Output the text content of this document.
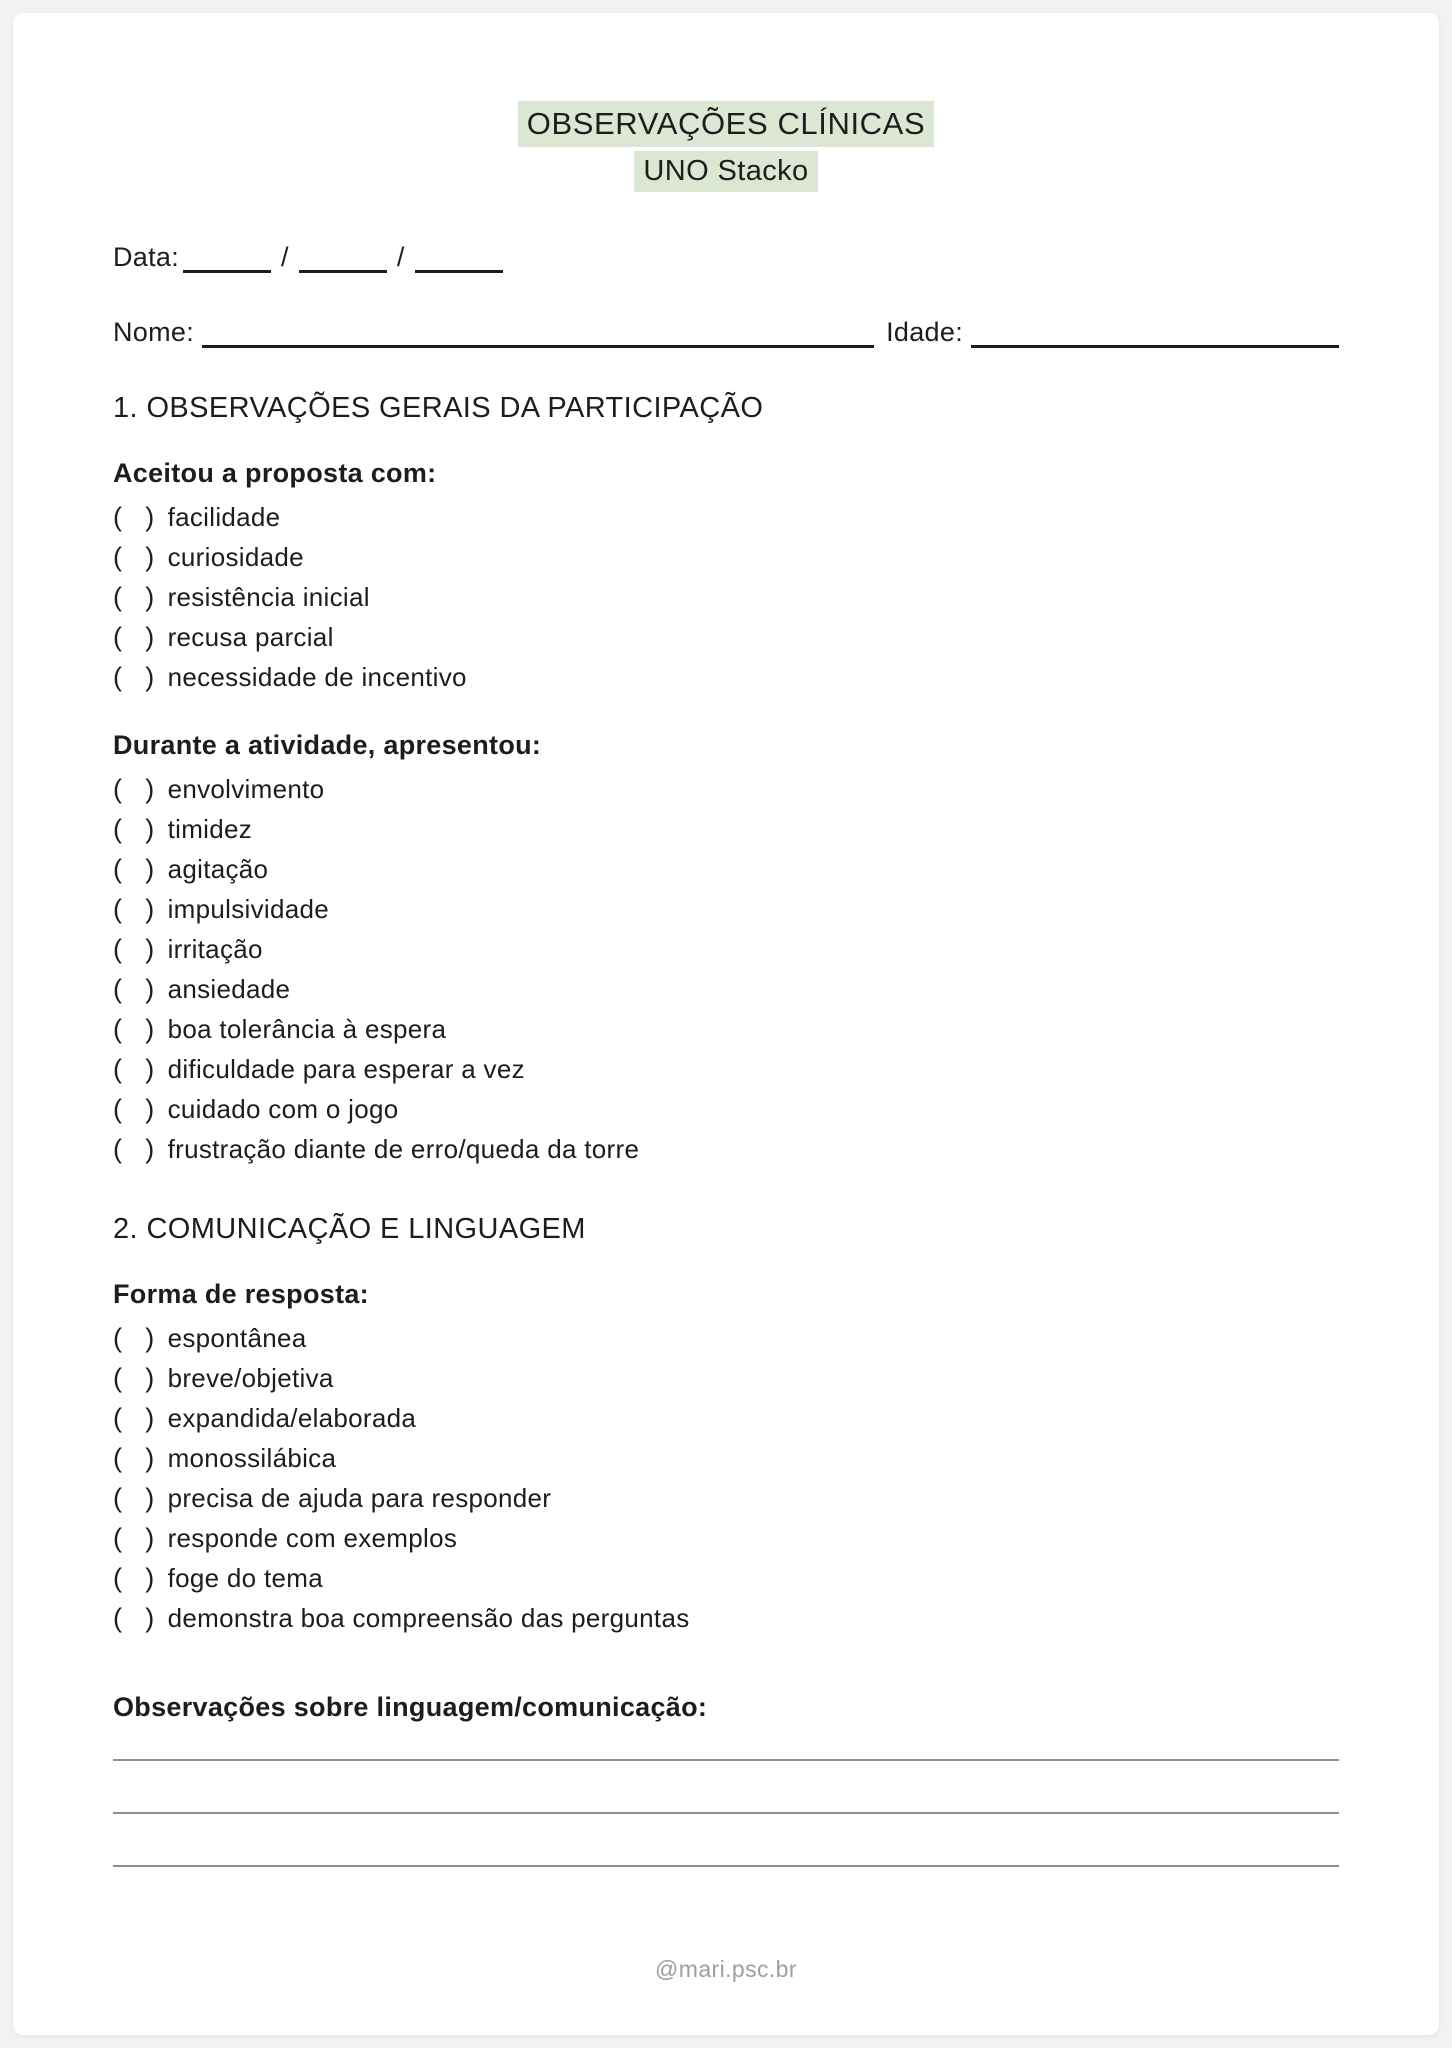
OBSERVAÇÕES CLÍNICAS
UNO Stacko
Data:	/	/
Nome:	Idade:
1. OBSERVAÇÕES GERAIS DA PARTICIPAÇÃO
Aceitou a proposta com:
( ) facilidade
( ) curiosidade
( ) resistência inicial
( ) recusa parcial
( ) necessidade de incentivo
Durante a atividade, apresentou:
( ) envolvimento
( ) timidez
( ) agitação
( ) impulsividade
( ) irritação
( ) ansiedade
( ) boa tolerância à espera
( ) dificuldade para esperar a vez
( ) cuidado com o jogo
( ) frustração diante de erro/queda da torre
2. COMUNICAÇÃO E LINGUAGEM
Forma de resposta:
( ) espontânea
( ) breve/objetiva
( ) expandida/elaborada
( ) monossilábica
( ) precisa de ajuda para responder
( ) responde com exemplos
( ) foge do tema
( ) demonstra boa compreensão das perguntas
Observações sobre linguagem/comunicação:
@mari.psc.br
